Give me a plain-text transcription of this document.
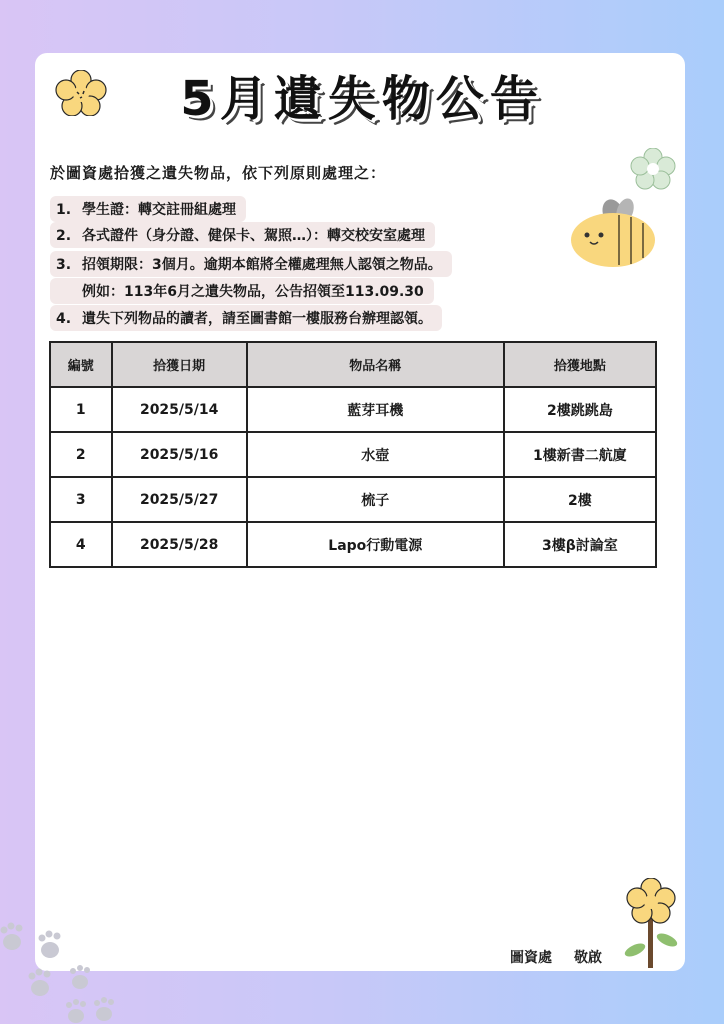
5月遺失物公告
於圖資處拾獲之遺失物品，依下列原則處理之：
1. 學生證：轉交註冊組處理
2. 各式證件（身分證、健保卡、駕照…）：轉交校安室處理
3. 招領期限：3個月。逾期本館將全權處理無人認領之物品。
例如：113年6月之遺失物品，公告招領至113.09.30
4. 遺失下列物品的讀者，請至圖書館一樓服務台辦理認領。
編號	拾獲日期	物品名稱	拾獲地點
1	2025/5/14	藍芽耳機	2樓跳跳島
2	2025/5/16	水壺	1樓新書二航廈
3	2025/5/27	梳子	2樓
4	2025/5/28	Lapo行動電源	3樓β討論室
圖資處 敬啟
